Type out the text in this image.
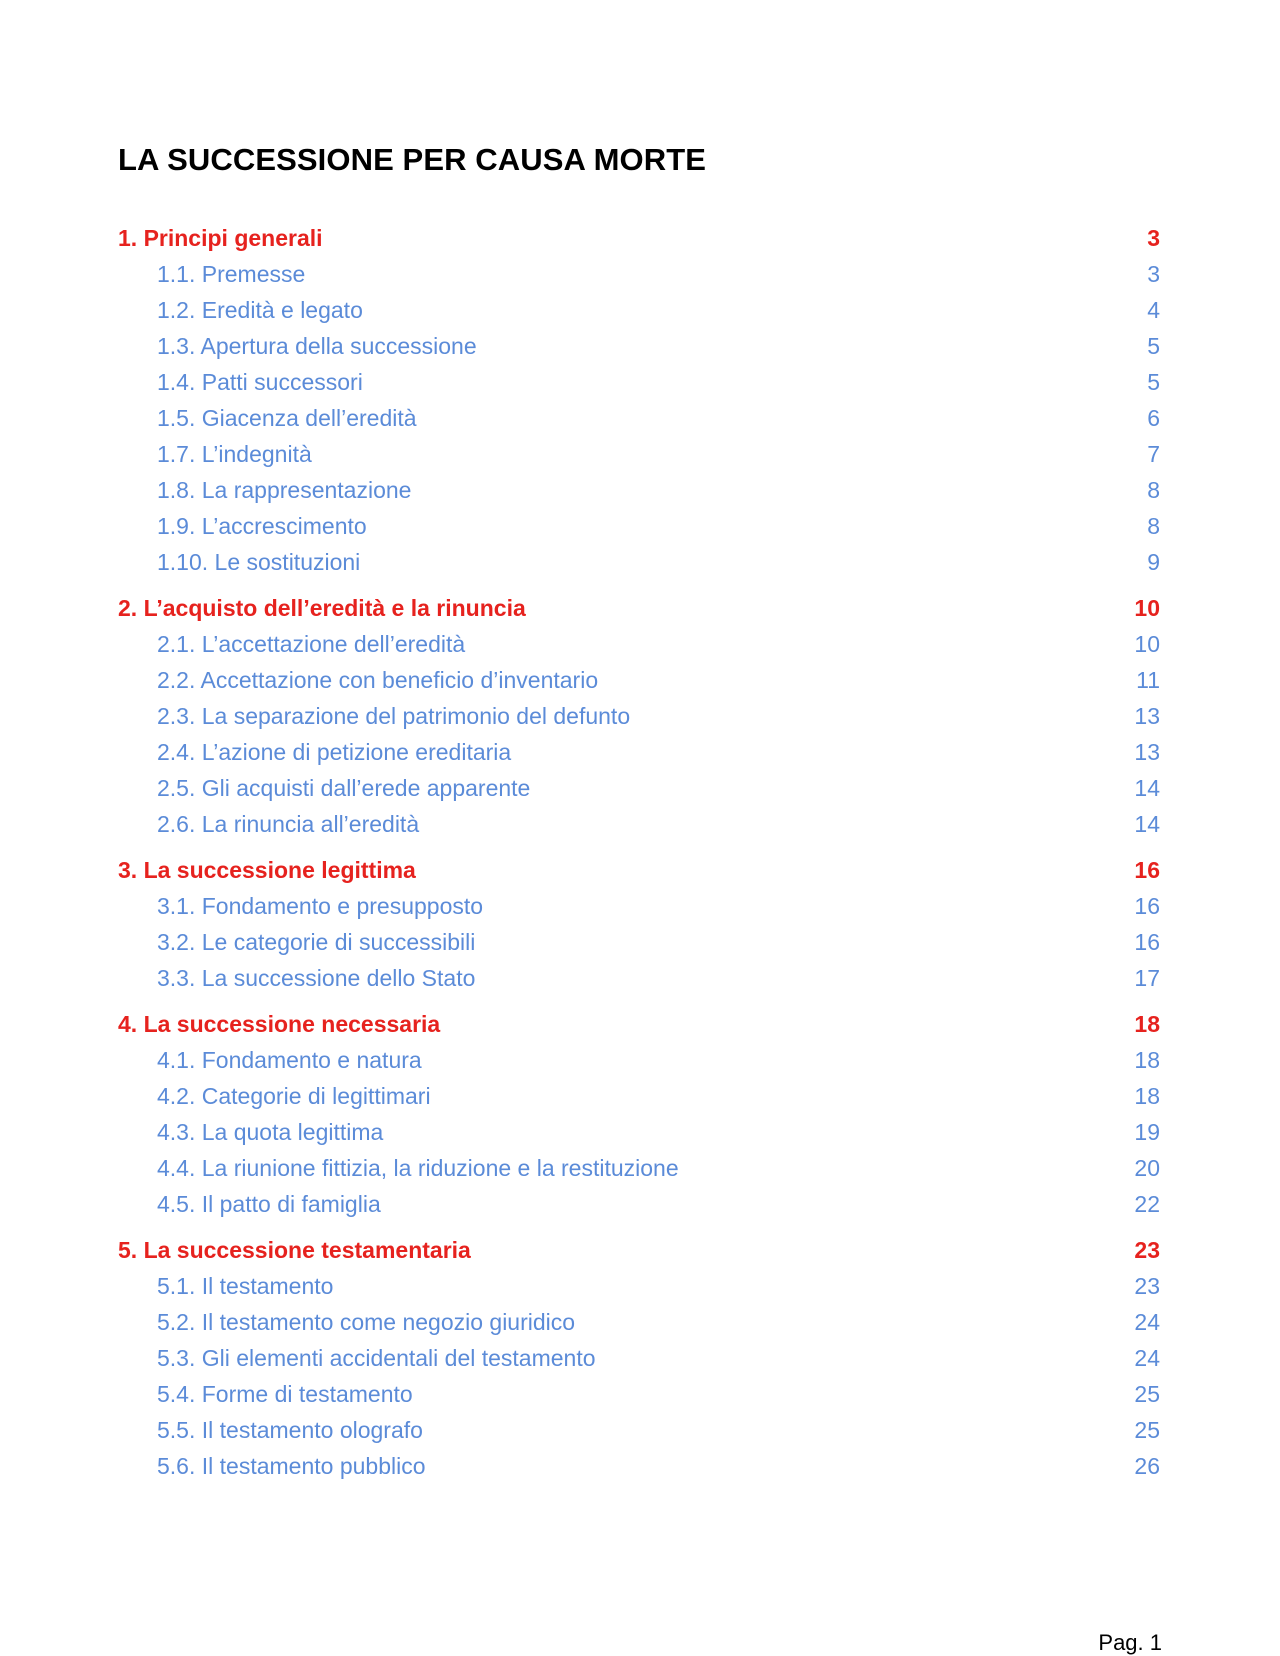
LA SUCCESSIONE PER CAUSA MORTE
1. Principi generali	3
1.1. Premesse	3
1.2. Eredità e legato	4
1.3. Apertura della successione	5
1.4. Patti successori	5
1.5. Giacenza dell’eredità	6
1.7. L’indegnità	7
1.8. La rappresentazione	8
1.9. L’accrescimento	8
1.10. Le sostituzioni	9
2. L’acquisto dell’eredità e la rinuncia	10
2.1. L’accettazione dell’eredità	10
2.2. Accettazione con beneficio d’inventario	11
2.3. La separazione del patrimonio del defunto	13
2.4. L’azione di petizione ereditaria	13
2.5. Gli acquisti dall’erede apparente	14
2.6. La rinuncia all’eredità	14
3. La successione legittima	16
3.1. Fondamento e presupposto	16
3.2. Le categorie di successibili	16
3.3. La successione dello Stato	17
4. La successione necessaria	18
4.1. Fondamento e natura	18
4.2. Categorie di legittimari	18
4.3. La quota legittima	19
4.4. La riunione fittizia, la riduzione e la restituzione	20
4.5. Il patto di famiglia	22
5. La successione testamentaria	23
5.1. Il testamento	23
5.2. Il testamento come negozio giuridico	24
5.3. Gli elementi accidentali del testamento	24
5.4. Forme di testamento	25
5.5. Il testamento olografo	25
5.6. Il testamento pubblico	26
Pag. 1
